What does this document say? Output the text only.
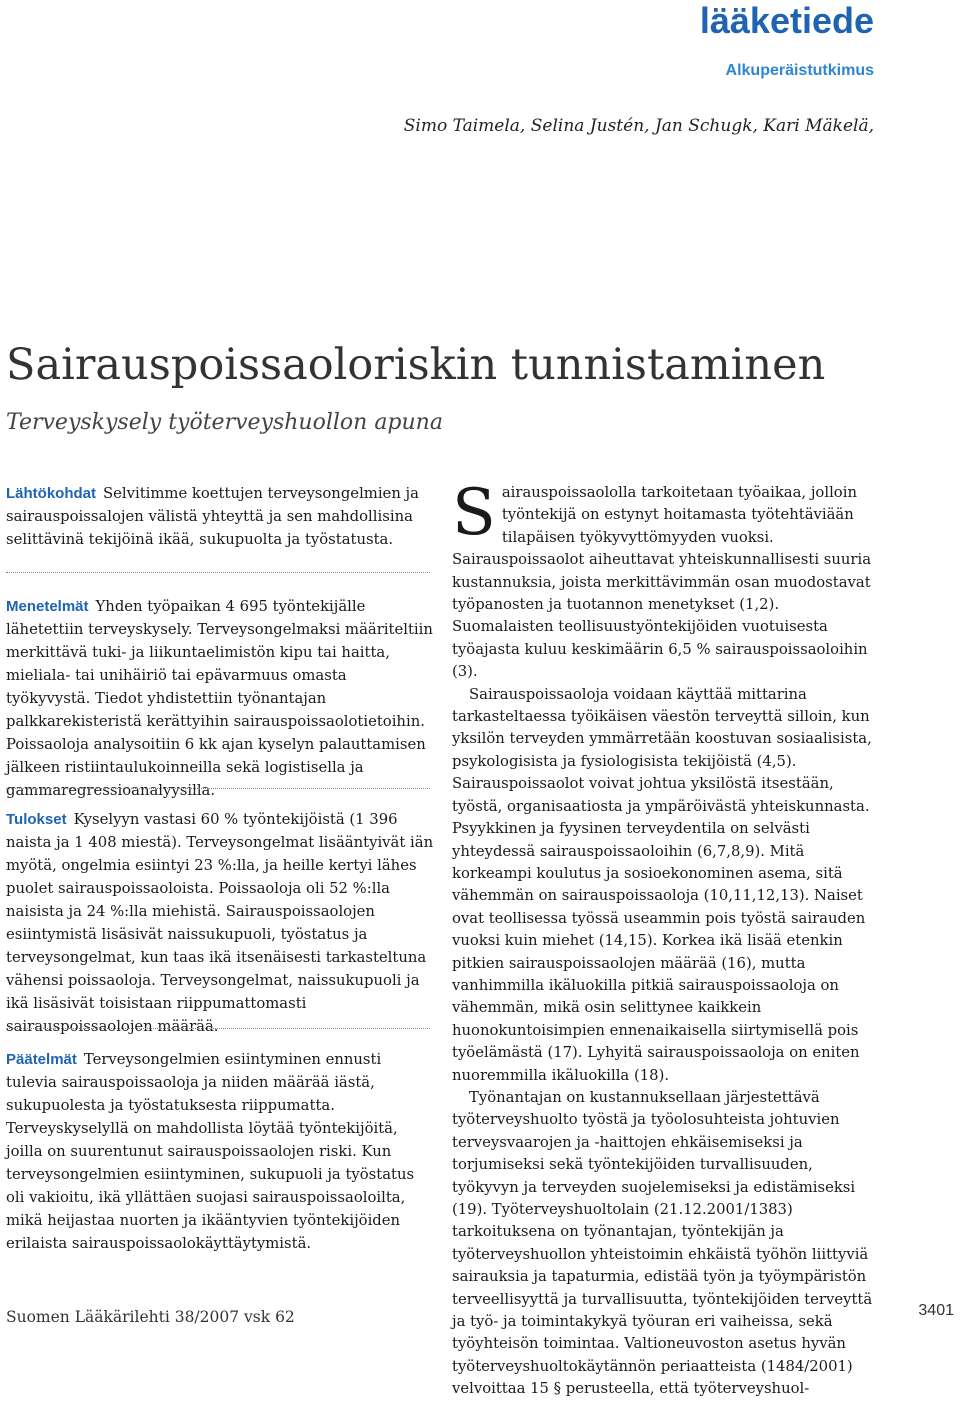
lääketiede
Alkuperäistutkimus
Simo Taimela, Selina Justén, Jan Schugk, Kari Mäkelä,
Sairauspoissaoloriskin tunnistaminen
Terveyskysely työterveyshuollon apuna
Lähtökohdat Selvitimme koettujen terveysongelmien ja sairauspoissalojen välistä yhteyttä ja sen mahdollisina selittävinä tekijöinä ikää, sukupuolta ja työstatusta.
Menetelmät Yhden työpaikan 4 695 työntekijälle lähetettiin terveyskysely. Terveysongelmaksi määriteltiin merkittävä tuki- ja liikuntaelimistön kipu tai haitta, mieliala- tai unihäiriö tai epävarmuus omasta työkyvystä. Tiedot yhdistettiin työnantajan palkkarekisteristä kerättyihin sairauspoissaolotietoihin. Poissaoloja analysoitiin 6 kk ajan kyselyn palauttamisen jälkeen ristiintaulukoinneilla sekä logistisella ja gammaregressioanalyysilla.
Tulokset Kyselyyn vastasi 60 % työntekijöistä (1 396 naista ja 1 408 miestä). Terveysongelmat lisääntyivät iän myötä, ongelmia esiintyi 23 %:lla, ja heille kertyi lähes puolet sairauspoissaoloista. Poissaoloja oli 52 %:lla naisista ja 24 %:lla miehistä. Sairauspoissaolojen esiintymistä lisäsivät naissukupuoli, työstatus ja terveysongelmat, kun taas ikä itsenäisesti tarkasteltuna vähensi poissaoloja. Terveysongelmat, naissukupuoli ja ikä lisäsivät toisistaan riippumattomasti sairauspoissaolojen määrää.
Päätelmät Terveysongelmien esiintyminen ennusti tulevia sairauspoissaoloja ja niiden määrää iästä, sukupuolesta ja työstatuksesta riippumatta. Terveyskyselyllä on mahdollista löytää työntekijöitä, joilla on suurentunut sairauspoissaolojen riski. Kun terveysongelmien esiintyminen, sukupuoli ja työstatus oli vakioitu, ikä yllättäen suojasi sairauspoissaoloilta, mikä heijastaa nuorten ja ikääntyvien työntekijöiden erilaista sairauspoissaolokäyttäytymistä.

Sairauspoissaololla tarkoitetaan työaikaa, jolloin työntekijä on estynyt hoitamasta työtehtäviään tilapäisen työkyvyttömyyden vuoksi. Sairauspoissaolot aiheuttavat yhteiskunnallisesti suuria kustannuksia, joista merkittävimmän osan muodostavat työpanosten ja tuotannon menetykset (1,2). Suomalaisten teollisuustyöntekijöiden vuotuisesta työajasta kuluu keskimäärin 6,5 % sairauspoissaoloihin (3).

Sairauspoissaoloja voidaan käyttää mittarina tarkasteltaessa työikäisen väestön terveyttä silloin, kun yksilön terveyden ymmärretään koostuvan sosiaalisista, psykologisista ja fysiologisista tekijöistä (4,5). Sairauspoissaolot voivat johtua yksilöstä itsestään, työstä, organisaatiosta ja ympäröivästä yhteiskunnasta. Psyykkinen ja fyysinen terveydentila on selvästi yhteydessä sairauspoissaoloihin (6,7,8,9). Mitä korkeampi koulutus ja sosioekonominen asema, sitä vähemmän on sairauspoissaoloja (10,11,12,13). Naiset ovat teollisessa työssä useammin pois työstä sairauden vuoksi kuin miehet (14,15). Korkea ikä lisää etenkin pitkien sairauspoissaolojen määrää (16), mutta vanhimmilla ikäluokilla pitkiä sairauspoissaoloja on vähemmän, mikä osin selittynee kaikkein huonokuntoisimpien ennenaikaisella siirtymisellä pois työelämästä (17). Lyhyitä sairauspoissaoloja on eniten nuoremmilla ikäluokilla (18).

Työnantajan on kustannuksellaan järjestettävä työterveyshuolto työstä ja työolosuhteista johtuvien terveysvaarojen ja -haittojen ehkäisemiseksi ja torjumiseksi sekä työntekijöiden turvallisuuden, työkyvyn ja terveyden suojelemiseksi ja edistämiseksi (19). Työterveyshuoltolain (21.12.2001/1383) tarkoituksena on työnantajan, työntekijän ja työterveyshuollon yhteistoimin ehkäistä työhön liittyviä sairauksia ja tapaturmia, edistää työn ja työympäristön terveellisyyttä ja turvallisuutta, työntekijöiden terveyttä ja työ- ja toimintakykyä työuran eri vaiheissa, sekä työyhteisön toimintaa. Valtioneuvoston asetus hyvän työterveyshuoltokäytännön periaatteista (1484/2001) velvoittaa 15 § perusteella, että työterveyshuol-

Suomen Lääkärilehti 38/2007 vsk 62	3401
